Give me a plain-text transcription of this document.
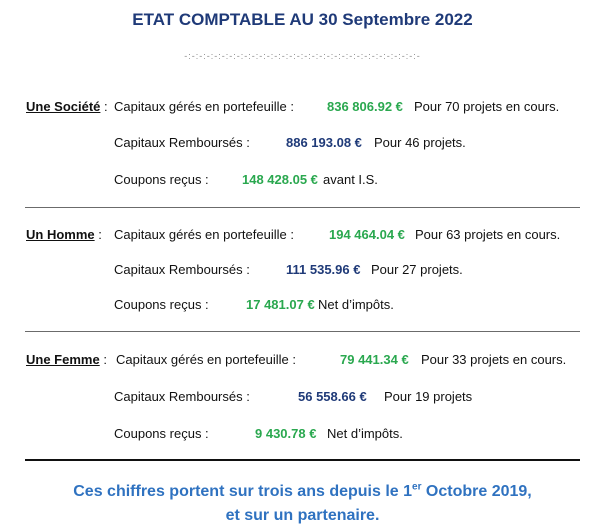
ETAT COMPTABLE AU 30 Septembre 2022
-:-:-:-:-:-:-:-:-:-:-:-:-:-:-:-:-:-:-:-:-:-:-:-:-:-:-:-:-:-:-:-
Une Société : Capitaux gérés en portefeuille :	836 806.92 € Pour 70 projets en cours.
Capitaux Remboursés :	886 193.08 € Pour 46 projets.
Coupons reçus :	148 428.05 € avant I.S.
Un Homme : Capitaux gérés en portefeuille :	194 464.04 € Pour 63 projets en cours.
Capitaux Remboursés :	111 535.96 € Pour 27 projets.
Coupons reçus :	17 481.07 € Net d’impôts.
Une Femme : Capitaux gérés en portefeuille :	79 441.34 € Pour 33 projets en cours.
Capitaux Remboursés :	56 558.66 € Pour 19 projets
Coupons reçus :	9 430.78 € Net d’impôts.
Ces chiffres portent sur trois ans depuis le 1er Octobre 2019,
et sur un partenaire.
